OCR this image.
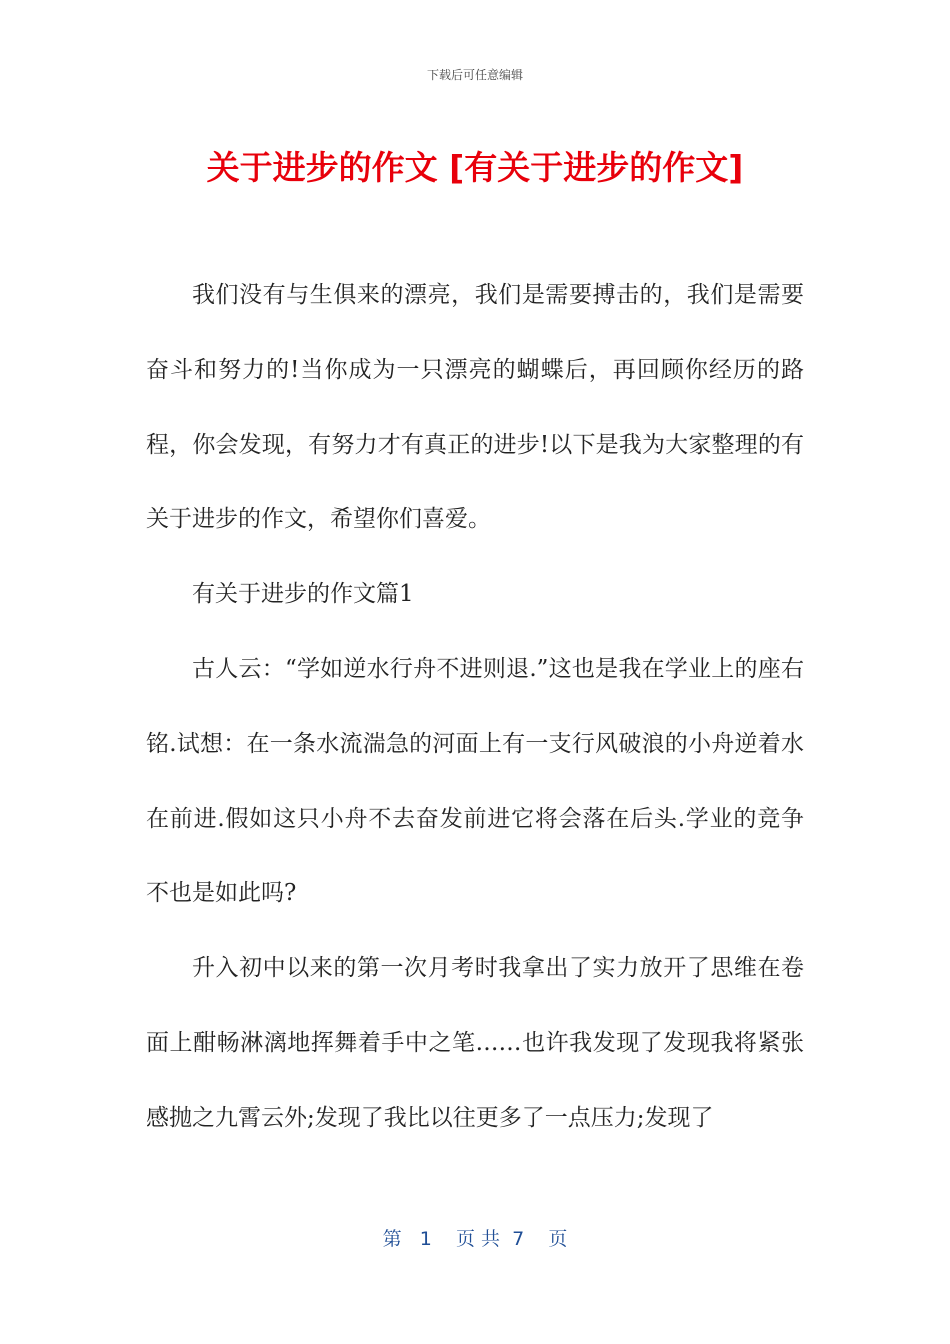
下载后可任意编辑
关于进步的作文 [有关于进步的作文]

我们没有与生俱来的漂亮，我们是需要搏击的，我们是需要奋斗和努力的!当你成为一只漂亮的蝴蝶后，再回顾你经历的路程，你会发现，有努力才有真正的进步!以下是我为大家整理的有关于进步的作文，希望你们喜爱。

有关于进步的作文篇1

古人云：“学如逆水行舟不进则退.”这也是我在学业上的座右铭.试想：在一条水流湍急的河面上有一支行风破浪的小舟逆着水在前进.假如这只小舟不去奋发前进它将会落在后头.学业的竞争不也是如此吗?

升入初中以来的第一次月考时我拿出了实力放开了思维在卷面上酣畅淋漓地挥舞着手中之笔……也许我发现了发现我将紧张感抛之九霄云外;发现了我比以往更多了一点压力;发现了

第   1    页 共  7    页
